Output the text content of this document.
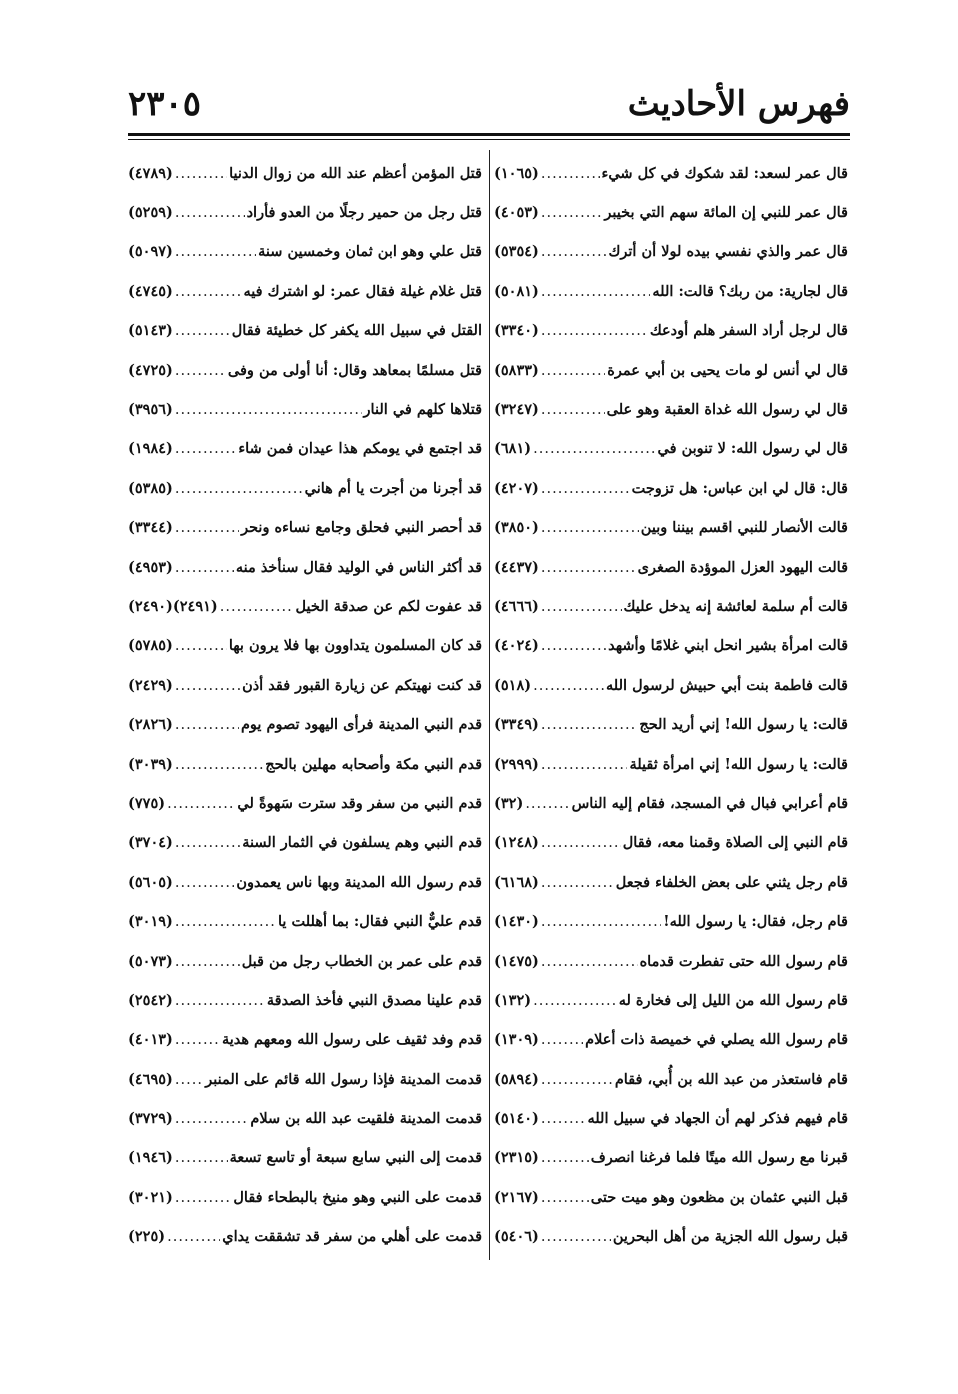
فهرس الأحاديث
٢٣٠٥
قال عمر لسعد: لقد شكوك في كل شيء
.....
(١٠٦٥)
قال عمر للنبي إن المائة سهم التي بخيبر
.....
(٤٠٥٣)
قال عمر والذي نفسي بيده لولا أن أترك
.....
(٥٣٥٤)
قال لجارية: من ربك؟ قالت: الله
.....
(٥٠٨١)
قال لرجل أراد السفر هلم أودعك
.....
(٣٣٤٠)
قال لي أنس لو مات يحيى بن أبي عمرة
.....
(٥٨٣٣)
قال لي رسول الله غداة العقبة وهو على
.....
(٣٢٤٧)
قال لي رسول الله: لا تنوبن في
.....
(٦٨١)
قال: قال لي ابن عباس: هل تزوجت
.....
(٤٢٠٧)
قالت الأنصار للنبي اقسم بيننا وبين
.....
(٣٨٥٠)
قالت اليهود العزل الموؤدة الصغرى
.....
(٤٤٣٧)
قالت أم سلمة لعائشة إنه يدخل عليك
.....
(٤٦٦٦)
قالت امرأة بشير انحل ابني غلامًا وأشهد
.....
(٤٠٢٤)
قالت فاطمة بنت أبي حبيش لرسول الله
.....
(٥١٨)
قالت: يا رسول الله! إني أريد الحج
.....
(٣٣٤٩)
قالت: يا رسول الله! إني امرأة ثقيلة
.....
(٢٩٩٩)
قام أعرابي فبال في المسجد، فقام إليه الناس
.....
(٣٢)
قام النبي إلى الصلاة وقمنا معه، فقال
.....
(١٢٤٨)
قام رجل يثني على بعض الخلفاء فجعل
.....
(٦١٦٨)
قام رجل، فقال: يا رسول الله!
.....
(١٤٣٠)
قام رسول الله حتى تفطرت قدماه
.....
(١٤٧٥)
قام رسول الله من الليل إلى فخارة له
.....
(١٣٢)
قام رسول الله يصلي في خميصة ذات أعلام
.....
(١٣٠٩)
قام فاستعذر من عبد الله بن أُبي، فقام
.....
(٥٨٩٤)
قام فيهم فذكر لهم أن الجهاد في سبيل الله
.....
(٥١٤٠)
قبرنا مع رسول الله ميتًا فلما فرغنا انصرف
.....
(٢٣١٥)
قبل النبي عثمان بن مظعون وهو ميت حتى
.....
(٢١٦٧)
قبل رسول الله الجزية من أهل البحرين
.....
(٥٤٠٦)
قتل المؤمن أعظم عند الله من زوال الدنيا
.....
(٤٧٨٩)
قتل رجل من حمير رجلًا من العدو فأراد
.....
(٥٢٥٩)
قتل علي وهو ابن ثمان وخمسين سنة
.....
(٥٠٩٧)
قتل غلام غيلة فقال عمر: لو اشترك فيه
.....
(٤٧٤٥)
القتل في سبيل الله يكفر كل خطيئة فقال
.....
(٥١٤٣)
قتل مسلمًا بمعاهد وقال: أنا أولى من وفى
.....
(٤٧٢٥)
قتلاها كلهم في النار
.....
(٣٩٥٦)
قد اجتمع في يومكم هذا عيدان فمن شاء
.....
(١٩٨٤)
قد أجرنا من أجرت يا أم هاني
.....
(٥٣٨٥)
قد أحصر النبي فحلق وجامع نساءه ونحر
.....
(٣٣٤٤)
قد أكثر الناس في الوليد فقال سنأخذ منه
.....
(٤٩٥٣)
قد عفوت لكم عن صدقة الخيل
.....
(٢٤٩١)(٢٤٩٠)
قد كان المسلمون يتداوون بها فلا يرون بها
.....
(٥٧٨٥)
قد كنت نهيتكم عن زيارة القبور فقد أذن
.....
(٢٤٢٩)
قدم النبي المدينة فرأى اليهود تصوم يوم
.....
(٢٨٢٦)
قدم النبي مكة وأصحابه مهلين بالحج
.....
(٣٠٣٩)
قدم النبي من سفر وقد سترت سَهوةً لي
.....
(٧٧٥)
قدم النبي وهم يسلفون في الثمار السنة
.....
(٣٧٠٤)
قدم رسول الله المدينة وبها ناس يعمدون
.....
(٥٦٠٥)
قدم عليٌّ النبي فقال: بما أهللت يا
.....
(٣٠١٩)
قدم على عمر بن الخطاب رجل من قبل
.....
(٥٠٧٣)
قدم علينا مصدق النبي فأخذ الصدقة
.....
(٢٥٤٢)
قدم وفد ثقيف على رسول الله ومعهم هدية
.....
(٤٠١٣)
قدمت المدينة فإذا رسول الله قائم على المنبر
.....
(٤٦٩٥)
قدمت المدينة فلقيت عبد الله بن سلام
.....
(٣٧٢٩)
قدمت إلى النبي سابع سبعة أو تاسع تسعة
.....
(١٩٤٦)
قدمت على النبي وهو منيخ بالبطحاء فقال
.....
(٣٠٢١)
قدمت على أهلي من سفر قد تشققت يداي
.....
(٢٢٥)
